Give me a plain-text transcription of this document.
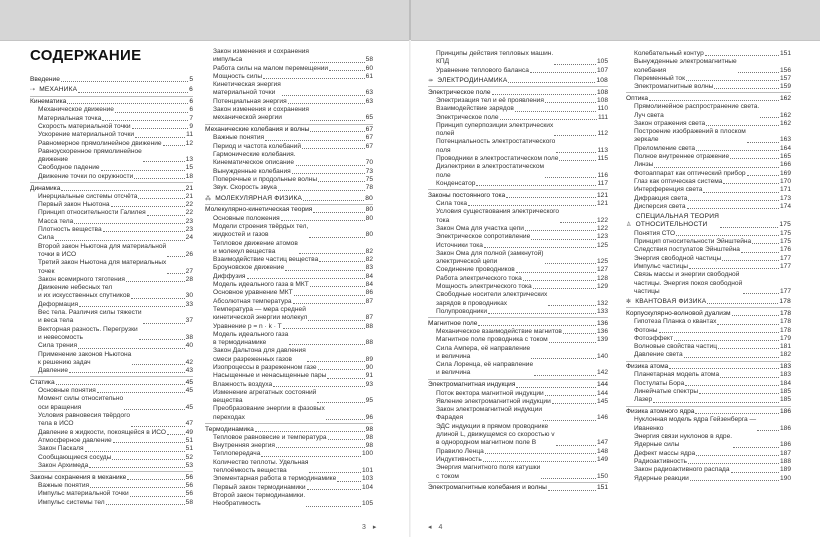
СОДЕРЖАНИЕ
Введение	5
⇢ МЕХАНИКА	6
Кинематика	6
Механическое движение	6
Материальная точка	7
Скорость материальной точки	9
Ускорение материальной точки	11
Равномерное прямолинейное движение	12
Равноускоренное прямолинейное
движение	13
Свободное падение	15
Движение точки по окружности	18
Динамика	21
Инерциальные системы отсчёта	21
Первый закон Ньютона	22
Принцип относительности Галилея	22
Масса тела	23
Плотность вещества	23
Сила	24
Второй закон Ньютона для материальной
точки в ИСО	26
Третий закон Ньютона для материальных
точек	27
Закон всемирного тяготения	28
Движение небесных тел
и их искусственных спутников	30
Деформация	33
Вес тела. Различия силы тяжести
и веса тела	37
Векторная разность. Перегрузки
и невесомость	38
Сила трения	40
Применение законов Ньютона
к решению задач	42
Давление	43
Статика	45
Основные понятия	45
Момент силы относительно
оси вращения	45
Условия равновесия твёрдого
тела в ИСО	47
Давление в жидкости, покоящейся в ИСО	49
Атмосферное давление	51
Закон Паскаля	51
Сообщающиеся сосуды	52
Закон Архимеда	53
Законы сохранения в механике	56
Важные понятия	56
Импульс материальной точки	56
Импульс системы тел	58
Закон изменения и сохранения
импульса	58
Работа силы на малом перемещении	60
Мощность силы	61
Кинетическая энергия
материальной точки	63
Потенциальная энергия	63
Закон изменения и сохранения
механической энергии	65
Механические колебания и волны	67
Важные понятия	67
Период и частота колебаний	67
Гармонические колебания.
Кинематическое описание	70
Вынужденные колебания	73
Поперечные и продольные волны	75
Звук. Скорость звука	78
⁂ МОЛЕКУЛЯРНАЯ ФИЗИКА	80
Молекулярно-кинетическая теория	80
Основные положения	80
Модели строения твёрдых тел,
жидкостей и газов	80
Тепловое движение атомов
и молекул вещества	82
Взаимодействие частиц вещества	82
Броуновское движение	83
Диффузия	84
Модель идеального газа в МКТ	84
Основное уравнение МКТ	86
Абсолютная температура	87
Температура — мера средней
кинетической энергии молекул	87
Уравнение p = n · k · T	88
Модель идеального газа
в термодинамике	88
Закон Дальтона для давления
смеси разреженных газов	89
Изопроцессы в разреженном газе	90
Насыщенные и ненасыщенные пары	91
Влажность воздуха	93
Изменение агрегатных состояний
вещества	95
Преобразование энергии в фазовых
переходах	96
Термодинамика	98
Тепловое равновесие и температура	98
Внутренняя энергия	98
Теплопередача	100
Количество теплоты. Удельная
теплоёмкость вещества	101
Элементарная работа в термодинамике	103
Первый закон термодинамики	104
Второй закон термодинамики.
Необратимость	105
Принципы действия тепловых машин.
КПД	105
Уравнение теплового баланса	107
⇸ ЭЛЕКТРОДИНАМИКА	108
Электрическое поле	108
Электризация тел и её проявления	108
Взаимодействие зарядов	110
Электрическое поле	111
Принцип суперпозиции электрических
полей	112
Потенциальность электростатического
поля	113
Проводники в электростатическом поле	115
Диэлектрики в электростатическом
поле	116
Конденсатор	117
Законы постоянного тока	121
Сила тока	121
Условия существования электрического
тока	122
Закон Ома для участка цепи	122
Электрическое сопротивление	123
Источники тока	125
Закон Ома для полной (замкнутой)
электрической цепи	125
Соединение проводников	127
Работа электрического тока	128
Мощность электрического тока	129
Свободные носители электрических
зарядов в проводниках	132
Полупроводники	133
Магнитное поле	136
Механическое взаимодействие магнитов	136
Магнитное поле проводника с током	139
Сила Ампера, её направление
и величина	140
Сила Лоренца, её направление
и величина	142
Электромагнитная индукция	144
Поток вектора магнитной индукции	144
Явление электромагнитной индукции	145
Закон электромагнитной индукции
Фарадея	146
ЭДС индукции в прямом проводнике
длиной L, движущемся со скоростью v
в однородном магнитном поле B	147
Правило Ленца	148
Индуктивность	149
Энергия магнитного поля катушки
с током	150
Электромагнитные колебания и волны	151
Колебательный контур	151
Вынужденные электромагнитные
колебания	156
Переменный ток	157
Электромагнитные волны	159
Оптика	162
Прямолинейное распространение света.
Луч света	162
Закон отражения света	162
Построение изображений в плоском
зеркале	163
Преломление света	164
Полное внутреннее отражение	165
Линзы	166
Фотоаппарат как оптический прибор	169
Глаз как оптическая система	170
Интерференция света	171
Дифракция света	173
Дисперсия света	174
♙
СПЕЦИАЛЬНАЯ ТЕОРИЯ
ОТНОСИТЕЛЬНОСТИ	175
Понятия СТО	175
Принцип относительности Эйнштейна	175
Следствия постулатов Эйнштейна	176
Энергия свободной частицы	177
Импульс частицы	177
Связь массы и энергии свободной
частицы. Энергия покоя свободной
частицы	177
✻ КВАНТОВАЯ ФИЗИКА	178
Корпускулярно-волновой дуализм	178
Гипотеза Планка о квантах	178
Фотоны	178
Фотоэффект	179
Волновые свойства частиц	181
Давление света	182
Физика атома	183
Планетарная модель атома	183
Постулаты Бора	184
Линейчатые спектры	185
Лазер	185
Физика атомного ядра	186
Нуклонная модель ядра Гейзенберга —
Иваненко	186
Энергия связи нуклонов в ядре.
Ядерные силы	186
Дефект массы ядра	187
Радиоактивность	188
Закон радиоактивного распада	189
Ядерные реакции	190
3 ▸	◂ 4
